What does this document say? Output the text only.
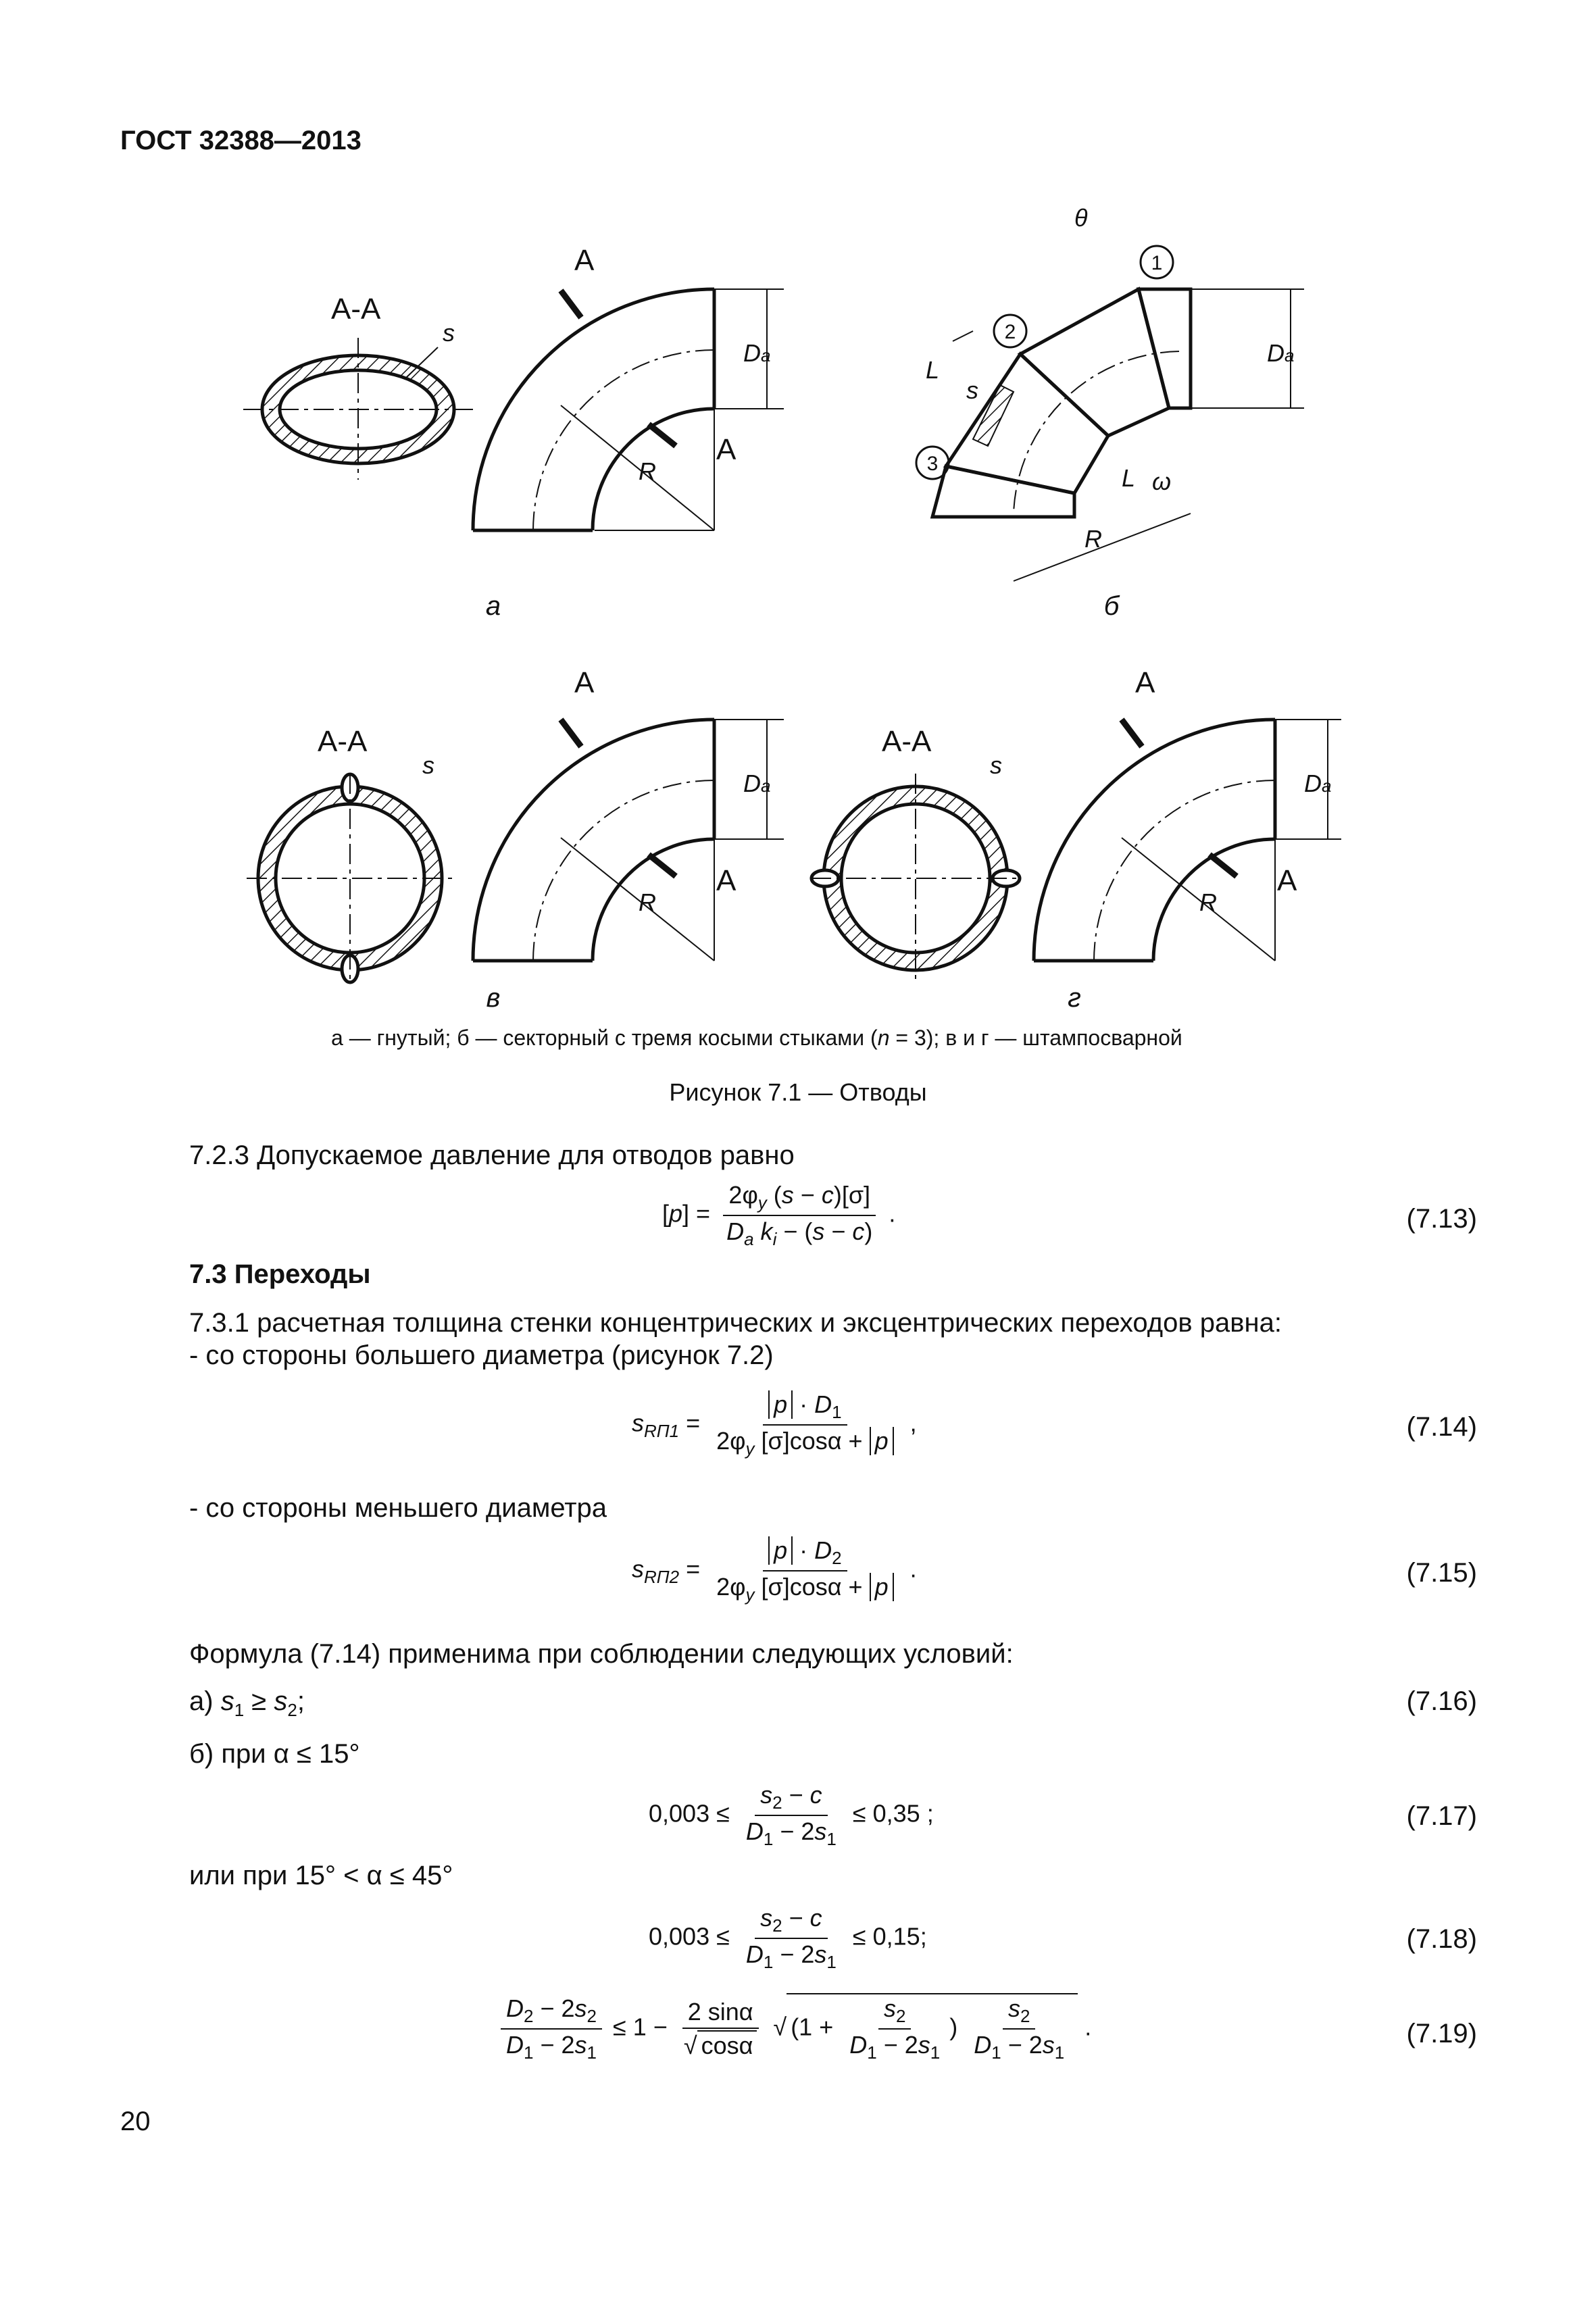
ГОСТ 32388—2013
А-А
А
А
А-А
А
А
А-А
А
А
s
s	s
s
R
R	R
R
Da
Da	Da
Da
L
L
θ
ω
1
2
3
а	б
в	г
а — гнутый; б — секторный с тремя косыми стыками (n = 3); в и г — штампосварной
Рисунок 7.1 — Отводы
7.2.3 Допускаемое давление для отводов равно
$[p] = \frac{2\varphi_y (s - c)[\sigma]}{D_a k_i - (s - c)}$ .	(7.13)
7.3 Переходы
7.3.1 расчетная толщина стенки концентрических и эксцентрических переходов равна:
- со стороны большего диаметра (рисунок 7.2)
$s_{RП1} = \frac{p \cdot D_1}{2\varphi_y [\sigma]\cos\alpha + p}$ ,	(7.14)
- со стороны меньшего диаметра
$s_{RП2} = \frac{p \cdot D_2}{2\varphi_y [\sigma]\cos\alpha + p}$ .	(7.15)
Формула (7.14) применима при соблюдении следующих условий:
а) $s_1 \ge s_2$;	(7.16)
б) при α ≤ 15°
$0,003 \le \frac{s_2 - c}{D_1 - 2s_1} \le 0,35$ ;	(7.17)
или при 15° < α ≤ 45°
$0,003 \le \frac{s_2 - c}{D_1 - 2s_1} \le 0,15$;	(7.18)
$\frac{D_2 - 2s_2}{D_1 - 2s_1} \le 1 - \frac{2 \sin\alpha}{√ \cos\alpha}$ √ ($1 + \frac{s_2}{D_1 - 2s_1}$ ) $\frac{s_2}{D_1 - 2s_1}$ .	(7.19)
20
